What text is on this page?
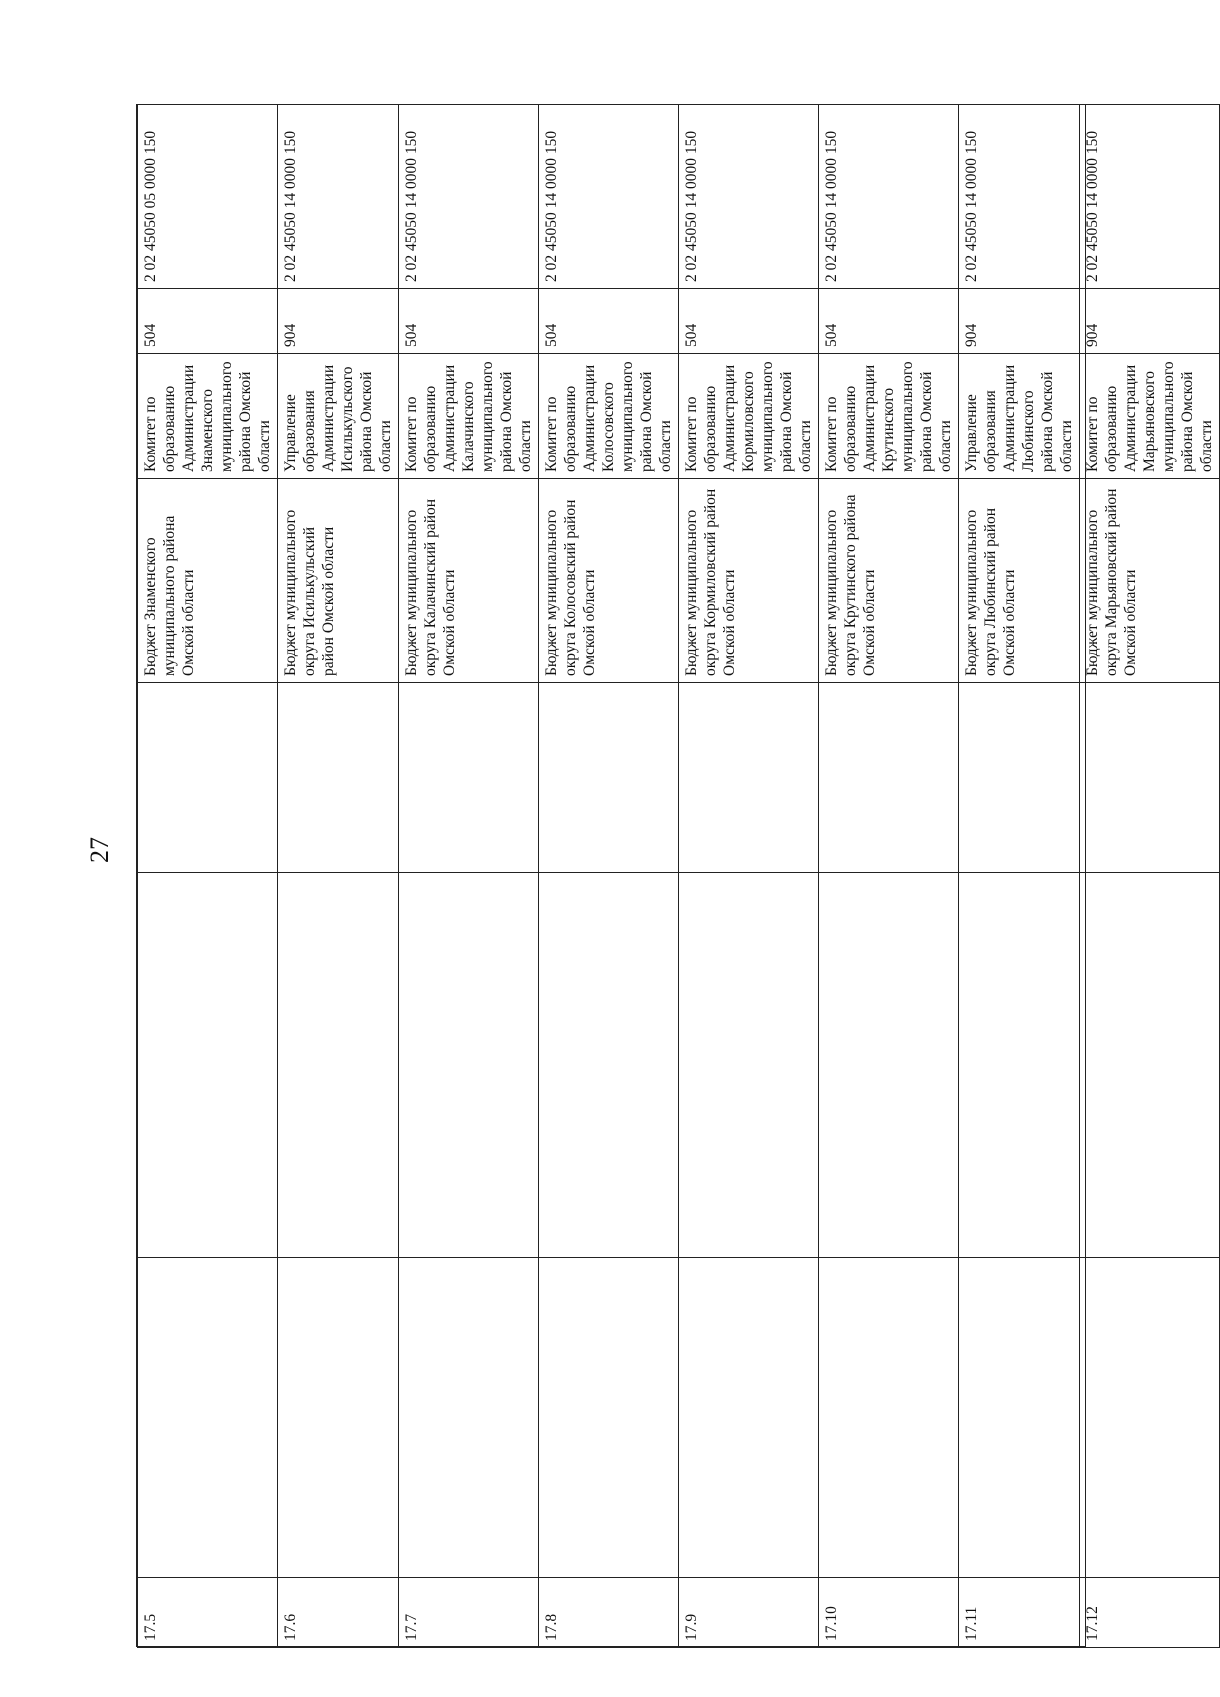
27
17.5				Бюджет Знаменского муниципального района Омской области	Комитет по образованию Администрации Знаменского муниципального района Омской области	504	2 02 45050 05 0000 150
17.6				Бюджет муниципального округа Исилькульский район Омской области	Управление образования Администрации Исилькульского района Омской области	904	2 02 45050 14 0000 150
17.7				Бюджет муниципального округа Калачинский район Омской области	Комитет по образованию Администрации Калачинского муниципального района Омской области	504	2 02 45050 14 0000 150
17.8				Бюджет муниципального округа Колосовский район Омской области	Комитет по образованию Администрации Колосовского муниципального района Омской области	504	2 02 45050 14 0000 150
17.9				Бюджет муниципального округа Кормиловский район Омской области	Комитет по образованию Администрации Кормиловского муниципального района Омской области	504	2 02 45050 14 0000 150
17.10				Бюджет муниципального округа Крутинского района Омской области	Комитет по образованию Администрации Крутинского муниципального района Омской области	504	2 02 45050 14 0000 150
17.11				Бюджет муниципального округа Любинский район Омской области	Управление образования Администрации Любинского района Омской области	904	2 02 45050 14 0000 150
17.12				Бюджет муниципального округа Марьяновский район Омской области	Комитет по образованию Администрации Марьяновского муниципального района Омской области	904	2 02 45050 14 0000 150
